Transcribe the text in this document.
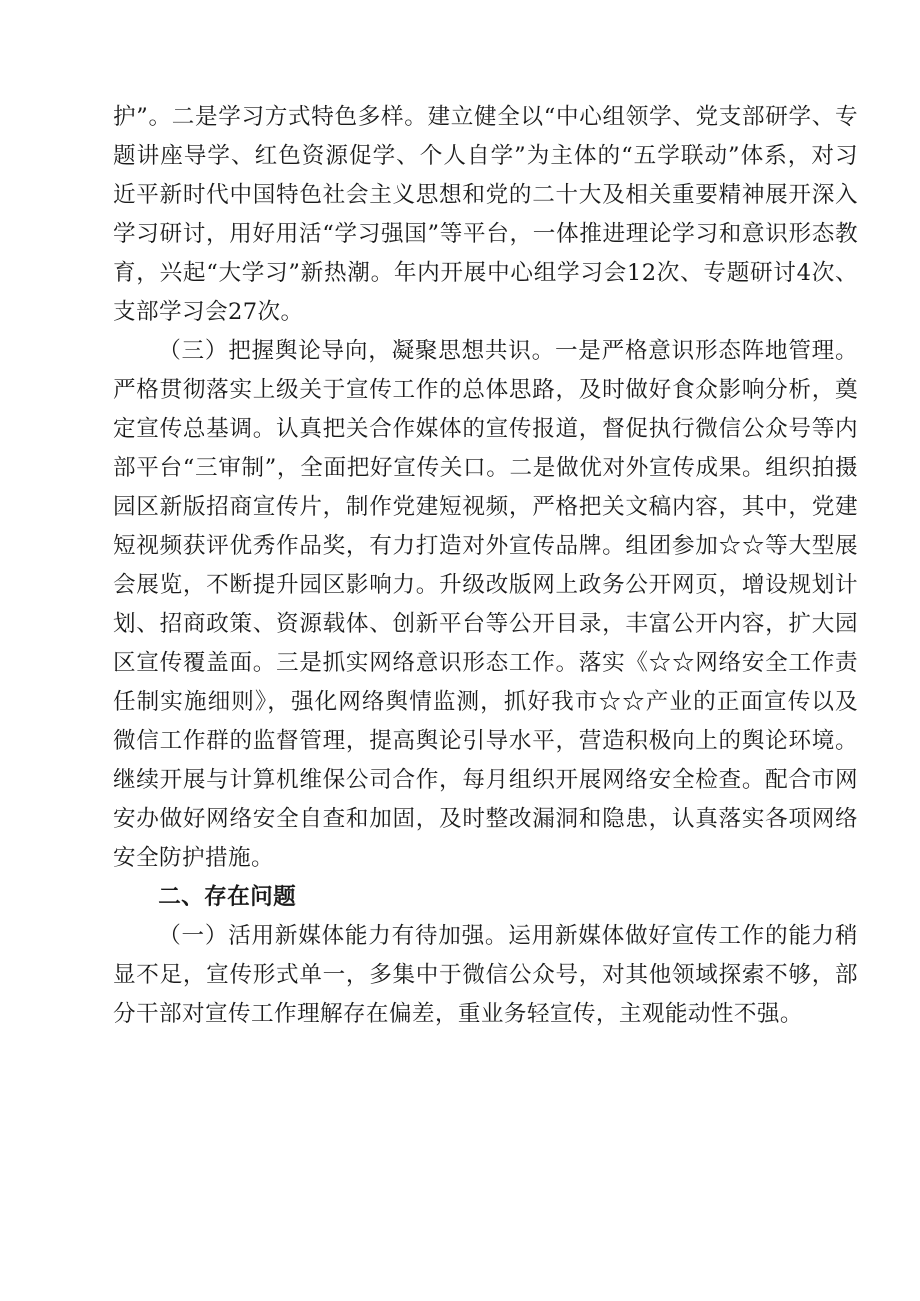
护”。二是学习方式特色多样。建立健全以“中心组领学、党支部研学、专题讲座导学、红色资源促学、个人自学”为主体的“五学联动”体系，对习近平新时代中国特色社会主义思想和党的二十大及相关重要精神展开深入学习研讨，用好用活“学习强国”等平台，一体推进理论学习和意识形态教育，兴起“大学习”新热潮。年内开展中心组学习会12次、专题研讨4次、支部学习会27次。

（三）把握舆论导向，凝聚思想共识。一是严格意识形态阵地管理。严格贯彻落实上级关于宣传工作的总体思路，及时做好食众影响分析，奠定宣传总基调。认真把关合作媒体的宣传报道，督促执行微信公众号等内部平台“三审制”，全面把好宣传关口。二是做优对外宣传成果。组织拍摄园区新版招商宣传片，制作党建短视频，严格把关文稿内容，其中，党建短视频获评优秀作品奖，有力打造对外宣传品牌。组团参加☆☆等大型展会展览，不断提升园区影响力。升级改版网上政务公开网页，增设规划计划、招商政策、资源载体、创新平台等公开目录，丰富公开内容，扩大园区宣传覆盖面。三是抓实网络意识形态工作。落实《☆☆网络安全工作责任制实施细则》，强化网络舆情监测，抓好我市☆☆产业的正面宣传以及微信工作群的监督管理，提高舆论引导水平，营造积极向上的舆论环境。继续开展与计算机维保公司合作，每月组织开展网络安全检查。配合市网安办做好网络安全自查和加固，及时整改漏洞和隐患，认真落实各项网络安全防护措施。

二、存在问题

（一）活用新媒体能力有待加强。运用新媒体做好宣传工作的能力稍显不足，宣传形式单一，多集中于微信公众号，对其他领域探索不够，部分干部对宣传工作理解存在偏差，重业务轻宣传，主观能动性不强。
